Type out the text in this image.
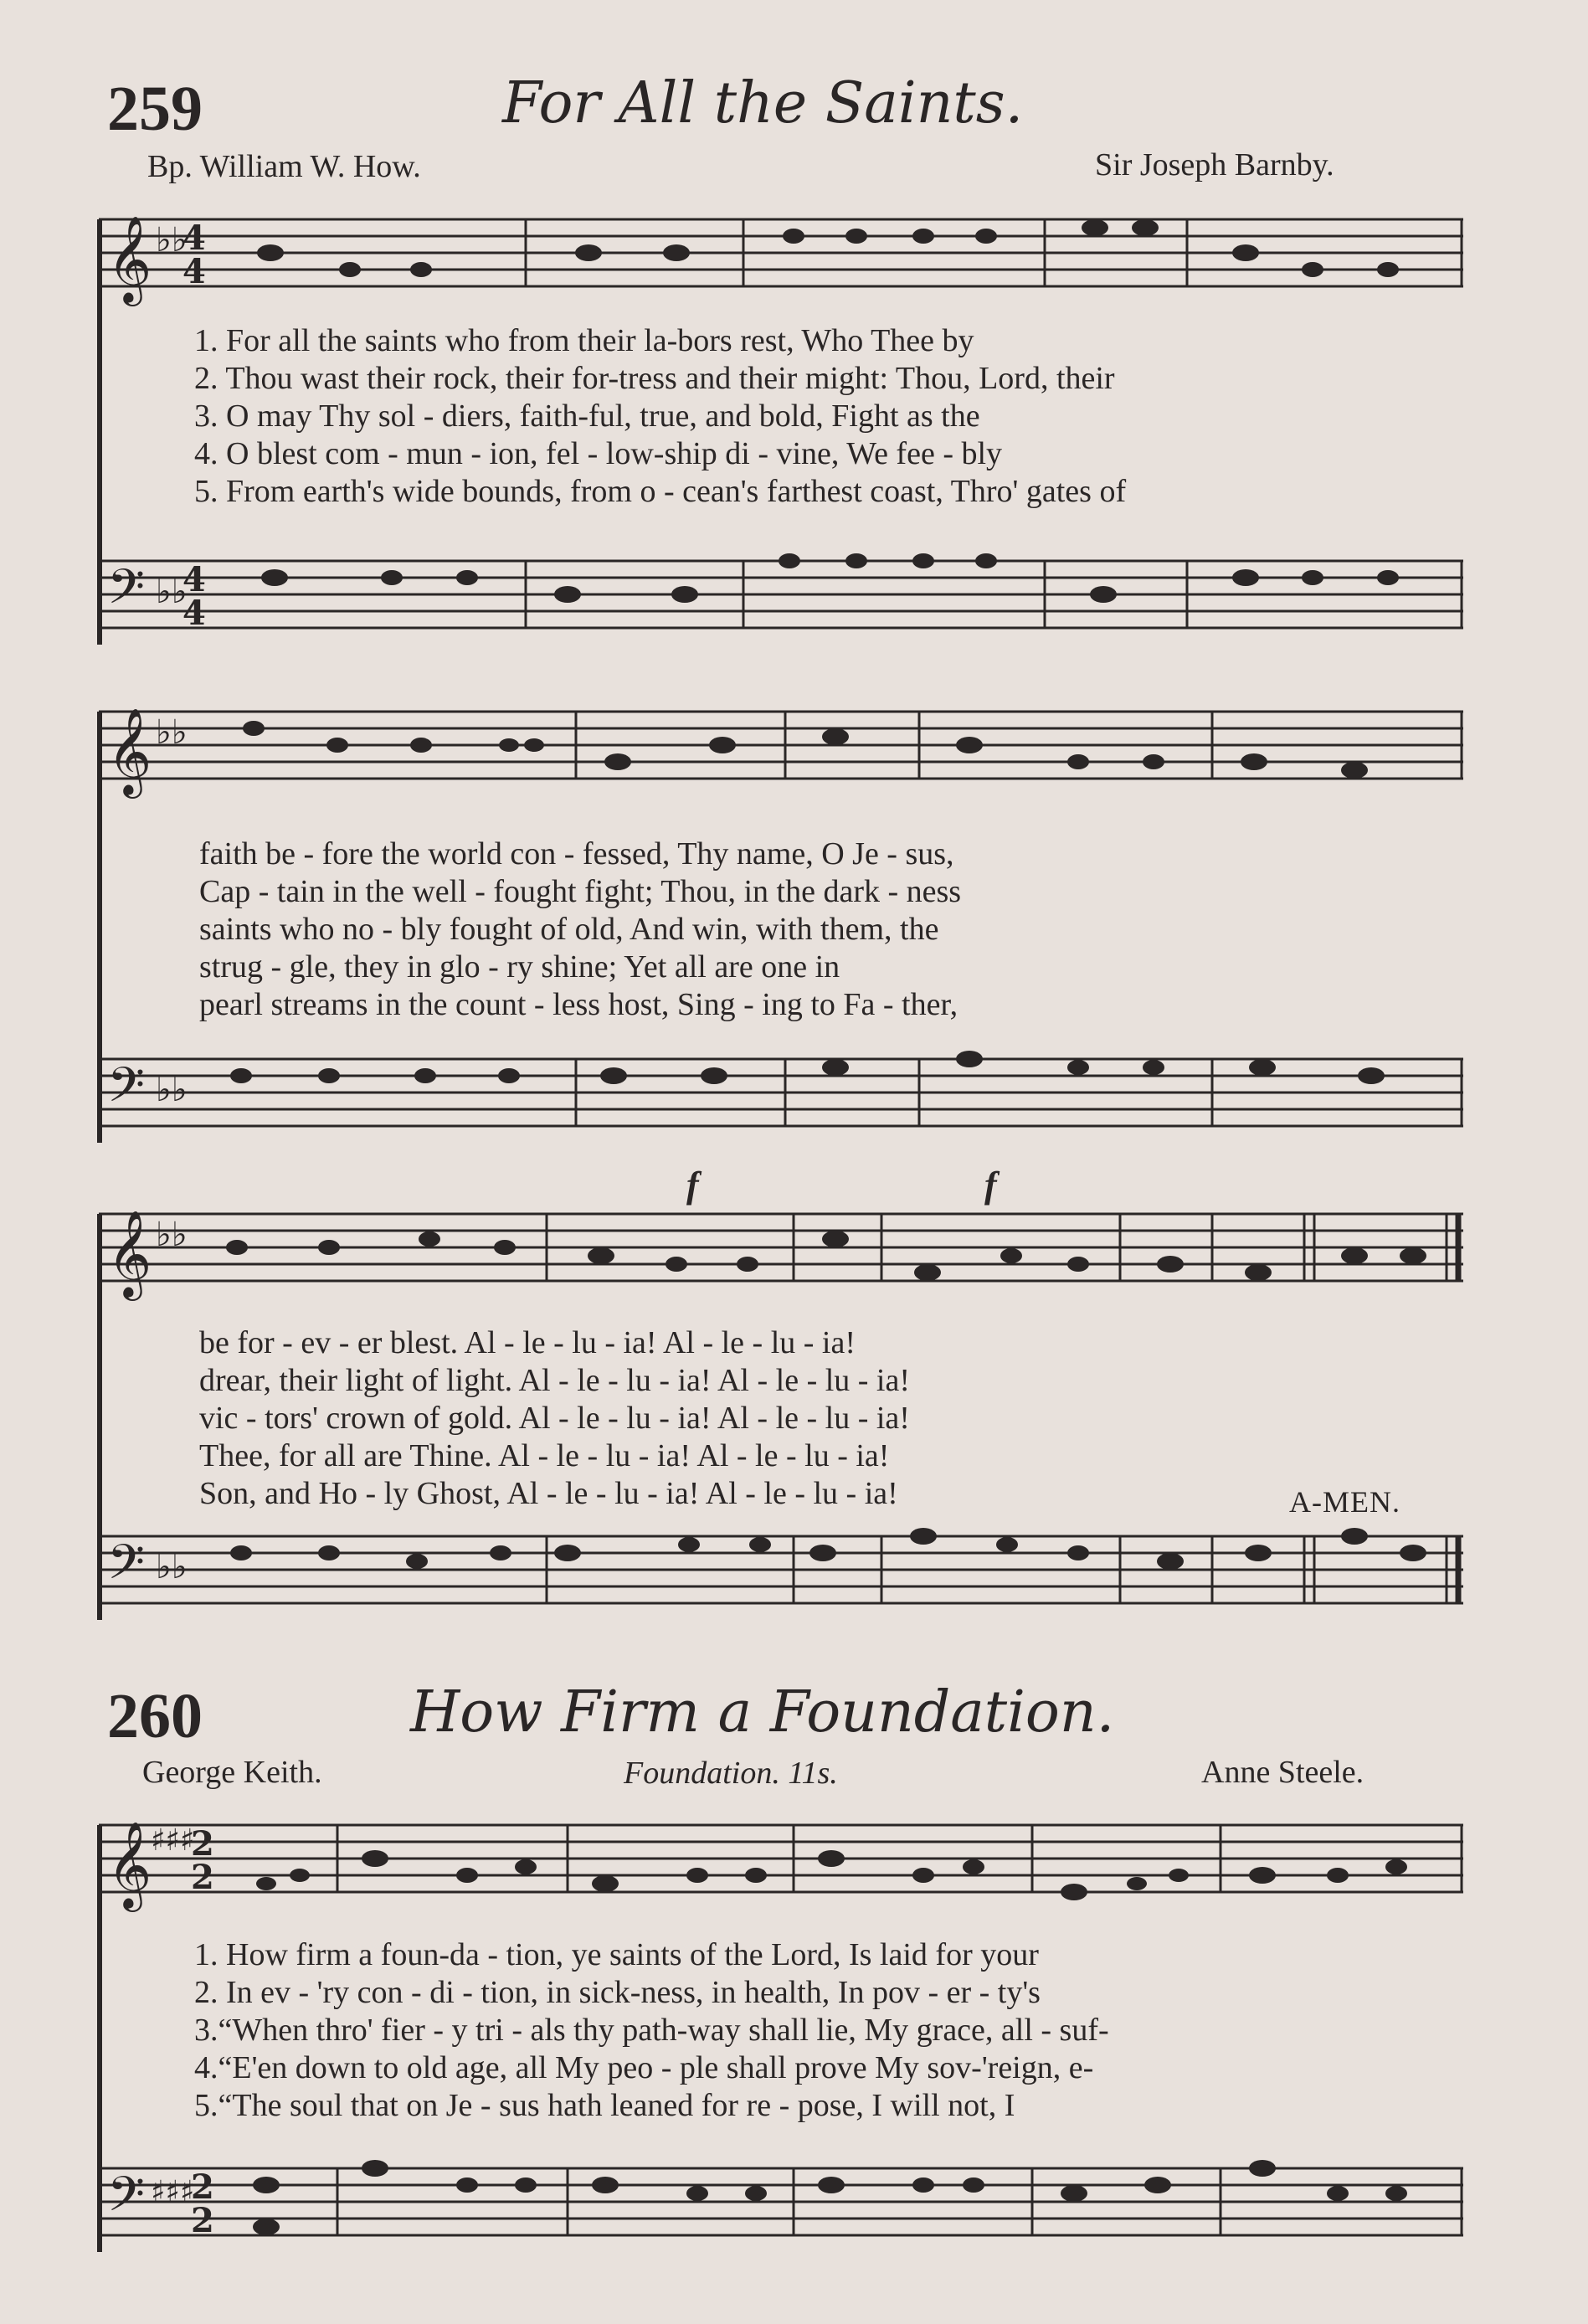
259	For All the Saints.
Bp. William W. How.	Sir Joseph Barnby.
𝄞 ♭♭
4
4
1. For all the saints who from their la-bors rest, Who Thee by
2. Thou wast their rock, their for-tress and their might: Thou, Lord, their
3. O may Thy sol - diers, faith-ful, true, and bold, Fight as the
4. O blest com - mun - ion, fel - low-ship di - vine, We fee - bly
5. From earth's wide bounds, from o - cean's farthest coast, Thro' gates of
𝄢 ♭♭
4
4
𝄞 ♭♭
faith be - fore the world con - fessed, Thy name, O Je - sus,
Cap - tain in the well - fought fight; Thou, in the dark - ness
saints who no - bly fought of old, And win, with them, the
strug - gle, they in glo - ry shine; Yet all are one in
pearl streams in the count - less host, Sing - ing to Fa - ther,
𝄢 ♭♭
f	f
𝄞 ♭♭
be for - ev - er blest. Al - le - lu - ia! Al - le - lu - ia!
drear, their light of light. Al - le - lu - ia! Al - le - lu - ia!
vic - tors' crown of gold. Al - le - lu - ia! Al - le - lu - ia!
Thee, for all are Thine. Al - le - lu - ia! Al - le - lu - ia!
Son, and Ho - ly Ghost, Al - le - lu - ia! Al - le - lu - ia!	A-MEN.
𝄢 ♭♭
260	How Firm a Foundation.
George Keith.	Foundation. 11s.	Anne Steele.
𝄞
♯♯♯
2
2
1. How firm a foun-da - tion, ye saints of the Lord, Is laid for your
2. In ev - 'ry con - di - tion, in sick-ness, in health, In pov - er - ty's
3.“When thro' fier - y tri - als thy path-way shall lie, My grace, all - suf-
4.“E'en down to old age, all My peo - ple shall prove My sov-'reign, e-
5.“The soul that on Je - sus hath leaned for re - pose, I will not, I
𝄢 ♯♯♯
2
2
